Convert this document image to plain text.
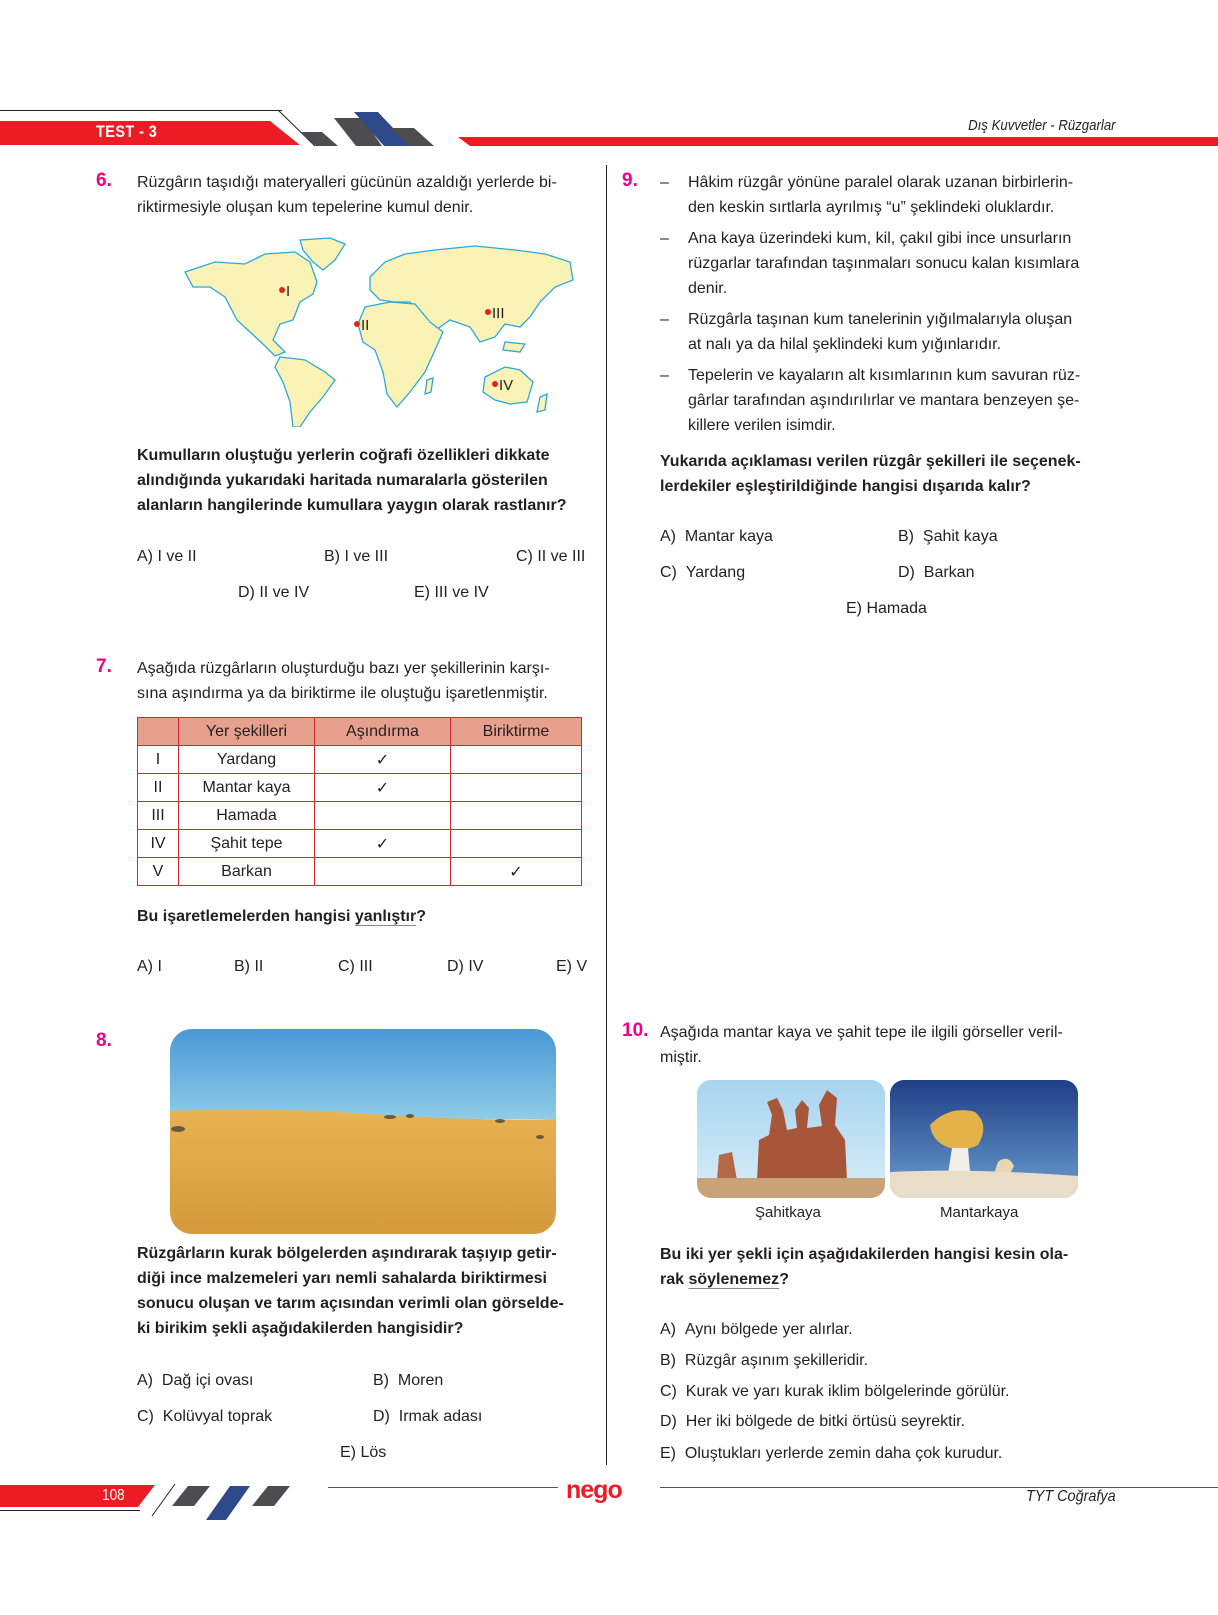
TEST - 3	Dış Kuvvetler - Rüzgarlar
6. Rüzgârın taşıdığı materyalleri gücünün azaldığı yerlerde bi-
riktirmesiyle oluşan kum tepelerine kumul denir.
I
II
III
IV
Kumulların oluştuğu yerlerin coğrafi özellikleri dikkate
alındığında yukarıdaki haritada numaralarla gösterilen
alanların hangilerinde kumullara yaygın olarak rastlanır?
A) I ve II	B) I ve III	C) II ve III
D) II ve IV	E) III ve IV
7. Aşağıda rüzgârların oluşturduğu bazı yer şekillerinin karşı-
sına aşındırma ya da biriktirme ile oluştuğu işaretlenmiştir.
	Yer şekilleri	Aşındırma	Biriktirme
I	Yardang	✓	
II	Mantar kaya	✓	
III	Hamada		
IV	Şahit tepe	✓	
V	Barkan		✓
Bu işaretlemelerden hangisi yanlıştır?
A) I	B) II	C) III	D) IV	E) V
8.
Rüzgârların kurak bölgelerden aşındırarak taşıyıp getir-
diği ince malzemeleri yarı nemli sahalarda biriktirmesi
sonucu oluşan ve tarım açısından verimli olan görselde-
ki birikim şekli aşağıdakilerden hangisidir?
A) Dağ içi ovası	B) Moren
C) Kolüvyal toprak	D) Irmak adası
E) Lös
9. –	Hâkim rüzgâr yönüne paralel olarak uzanan birbirlerin-
den keskin sırtlarla ayrılmış “u” şeklindeki oluklardır.
–	Ana kaya üzerindeki kum, kil, çakıl gibi ince unsurların
rüzgarlar tarafından taşınmaları sonucu kalan kısımlara
denir.
–	Rüzgârla taşınan kum tanelerinin yığılmalarıyla oluşan
at nalı ya da hilal şeklindeki kum yığınlarıdır.
–	Tepelerin ve kayaların alt kısımlarının kum savuran rüz-
gârlar tarafından aşındırılırlar ve mantara benzeyen şe-
killere verilen isimdir.
Yukarıda açıklaması verilen rüzgâr şekilleri ile seçenek-
lerdekiler eşleştirildiğinde hangisi dışarıda kalır?
A) Mantar kaya	B) Şahit kaya
C) Yardang	D) Barkan
E) Hamada
10. Aşağıda mantar kaya ve şahit tepe ile ilgili görseller veril-
miştir.
Şahitkaya	Mantarkaya
Bu iki yer şekli için aşağıdakilerden hangisi kesin ola-
rak söylenemez?
A) Aynı bölgede yer alırlar.
B) Rüzgâr aşınım şekilleridir.
C) Kurak ve yarı kurak iklim bölgelerinde görülür.
D) Her iki bölgede de bitki örtüsü seyrektir.
E) Oluştukları yerlerde zemin daha çok kurudur.
108	nego	TYT Coğrafya
